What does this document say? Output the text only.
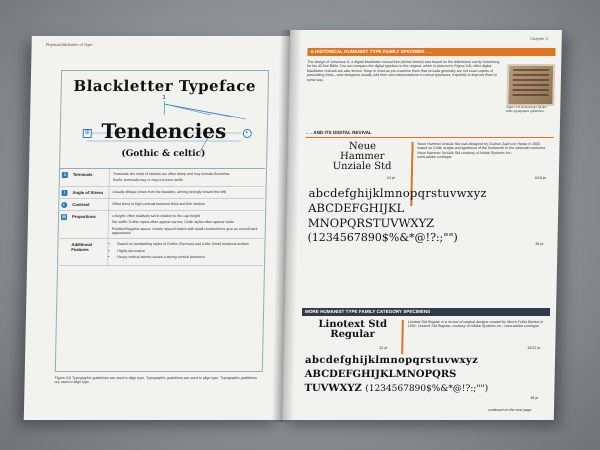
Physical Attributes of Type
Blackletter Typeface
1
⊞	◐
Tendencies
(Gothic & celtic)
1	Terminals	Terminals: the ends of strokes are often sharp and may include flourishes
Serifs: terminals may or may not have serifs
\	Angle of Stress	Usually oblique (rises from the baseline, aiming strongly toward the left)
◐	Contrast	Often there is high contrast between thick and thin strokes
⊞	Proportions	x-height: often relatively tall in relation to the cap height
Set width: Gothic styles often appear narrow, Celtic styles often appear wider
Positive/Negative space: closely spaced letters with small counterforms give an overall dark appearance
Additional Features
• Based on handwriting styles of Gothic (German) and Celtic (Irish) medieval scribes
• Highly decorative
• Heavy vertical stems causes a strong vertical presence
Figure 3-6 Typographic guidelines are used to align type. Typographic guidelines are used to align type. Typographic guidelines are used to align type.
Chapter 3
A HISTORICAL HUMANIST TYPE FAMILY SPECIMEN . . .
The design of Johannes G. a digital blackletter revival font (shown below) was based on the letterforms cut by Gutenberg for his 42-line Bible. You can compare the digital typeface to the original, which is pictured in Figure 3-8; other digital blackletter revivals are also shown. Keep in mind as you examine them that revivals generally are not exact copies of preexisting fonts—new designers usually add their own interpretations to revival typefaces, hopefully to improve them in some way.
Figure 3-8 Gutenberg's 42-line Bible typographic guidelines.
. . . AND ITS DIGITAL REVIVAL
Neue
Hammer
Unziale Std
Neue Hammer Unziale Std was designed by Gudrun Zapf-von Hesse in 2003 based on Celtic scripts and typefaces of the fourteenth to the sixteenth centuries. Neue Hammer Unziale Std courtesy of Adobe Systems Inc.; www.adobe.com/type.
24 pt	6/10 pt
abcdefghijklmnopqrstuvwxyz
ABCDEFGHIJKL
MNOPQRSTUVWXYZ
(1234567890$%&*@!?:;"")	36 pt
MORE HUMANIST TYPE FAMILY CATEGORY SPECIMENS
Linotext Std
Regular
Linotext Std Regular is a revival of original designs created by Morris Fuller Benton in 1901. Linotext Std Regular, courtesy of Adobe Systems Inc.; www.adobe.com/type.
32 pt	10/12 pt
abcdefghijklmnopqrstuvwxyz
ABCDEFGHIJKLMNOPQRS
TUVWXYZ (1234567890$%&*@!?:;"")
38 pt
continued on the next page
